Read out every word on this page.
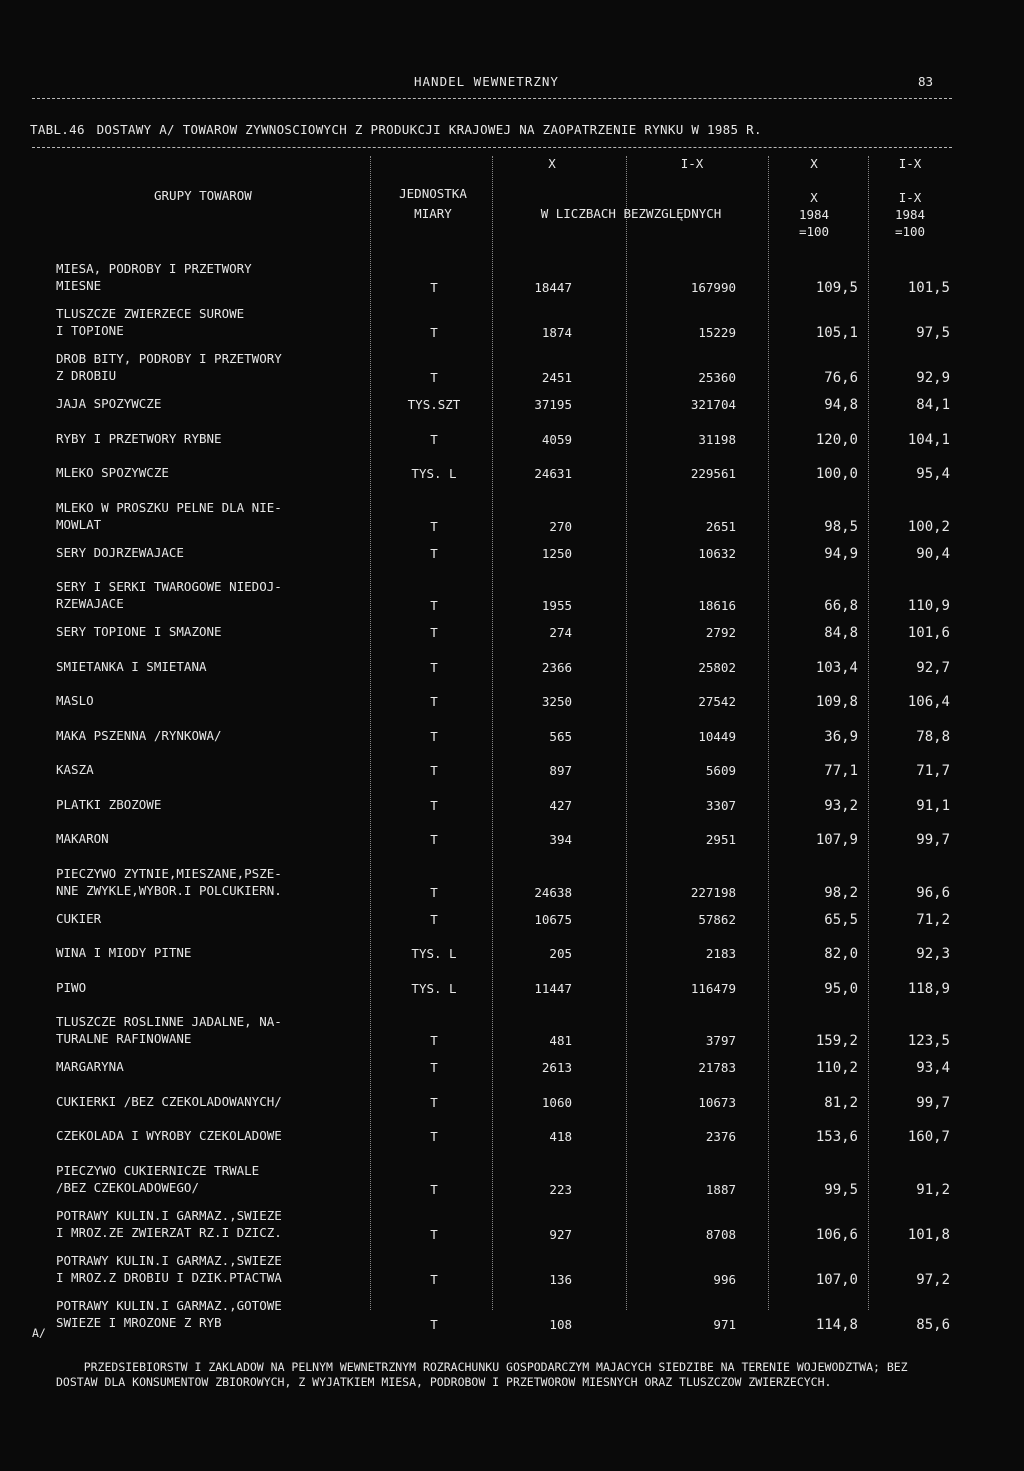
HANDEL WEWNETRZNY	83
TABL.46 DOSTAWY A/ TOWAROW ZYWNOSCIOWYCH Z PRODUKCJI KRAJOWEJ NA ZAOPATRZENIE RYNKU W 1985 R.
GRUPY TOWAROW	JEDNOSTKA
MIARY
X	I-X
W LICZBACH BEZWZGLĘDNYCH
X	I-X
X
1984
=100
I-X
1984
=100
MIESA, PODROBY I PRZETWORY
MIESNE	T	18447	167990	109,5	101,5
TLUSZCZE ZWIERZECE SUROWE
I TOPIONE	T	1874	15229	105,1	97,5
DROB BITY, PODROBY I PRZETWORY
Z DROBIU	T	2451	25360	76,6	92,9
JAJA SPOZYWCZE	TYS.SZT	37195	321704	94,8	84,1
RYBY I PRZETWORY RYBNE	T	4059	31198	120,0	104,1
MLEKO SPOZYWCZE	TYS. L	24631	229561	100,0	95,4
MLEKO W PROSZKU PELNE DLA NIE-
MOWLAT	T	270	2651	98,5	100,2
SERY DOJRZEWAJACE	T	1250	10632	94,9	90,4
SERY I SERKI TWAROGOWE NIEDOJ-
RZEWAJACE	T	1955	18616	66,8	110,9
SERY TOPIONE I SMAZONE	T	274	2792	84,8	101,6
SMIETANKA I SMIETANA	T	2366	25802	103,4	92,7
MASLO	T	3250	27542	109,8	106,4
MAKA PSZENNA /RYNKOWA/	T	565	10449	36,9	78,8
KASZA	T	897	5609	77,1	71,7
PLATKI ZBOZOWE	T	427	3307	93,2	91,1
MAKARON	T	394	2951	107,9	99,7
PIECZYWO ZYTNIE,MIESZANE,PSZE-
NNE ZWYKLE,WYBOR.I POLCUKIERN.	T	24638	227198	98,2	96,6
CUKIER	T	10675	57862	65,5	71,2
WINA I MIODY PITNE	TYS. L	205	2183	82,0	92,3
PIWO	TYS. L	11447	116479	95,0	118,9
TLUSZCZE ROSLINNE JADALNE, NA-
TURALNE RAFINOWANE	T	481	3797	159,2	123,5
MARGARYNA	T	2613	21783	110,2	93,4
CUKIERKI /BEZ CZEKOLADOWANYCH/	T	1060	10673	81,2	99,7
CZEKOLADA I WYROBY CZEKOLADOWE	T	418	2376	153,6	160,7
PIECZYWO CUKIERNICZE TRWALE
/BEZ CZEKOLADOWEGO/	T	223	1887	99,5	91,2
POTRAWY KULIN.I GARMAZ.,SWIEZE
I MROZ.ZE ZWIERZAT RZ.I DZICZ.	T	927	8708	106,6	101,8
POTRAWY KULIN.I GARMAZ.,SWIEZE
I MROZ.Z DROBIU I DZIK.PTACTWA	T	136	996	107,0	97,2
POTRAWY KULIN.I GARMAZ.,GOTOWE
SWIEZE I MROZONE Z RYB	T	108	971	114,8	85,6

A/

PRZEDSIEBIORSTW I ZAKLADOW NA PELNYM WEWNETRZNYM ROZRACHUNKU GOSPODARCZYM MAJACYCH SIEDZIBE NA TERENIE WOJEWODZTWA; BEZ DOSTAW DLA KONSUMENTOW ZBIOROWYCH, Z WYJATKIEM MIESA, PODROBOW I PRZETWOROW MIESNYCH ORAZ TLUSZCZOW ZWIERZECYCH.
